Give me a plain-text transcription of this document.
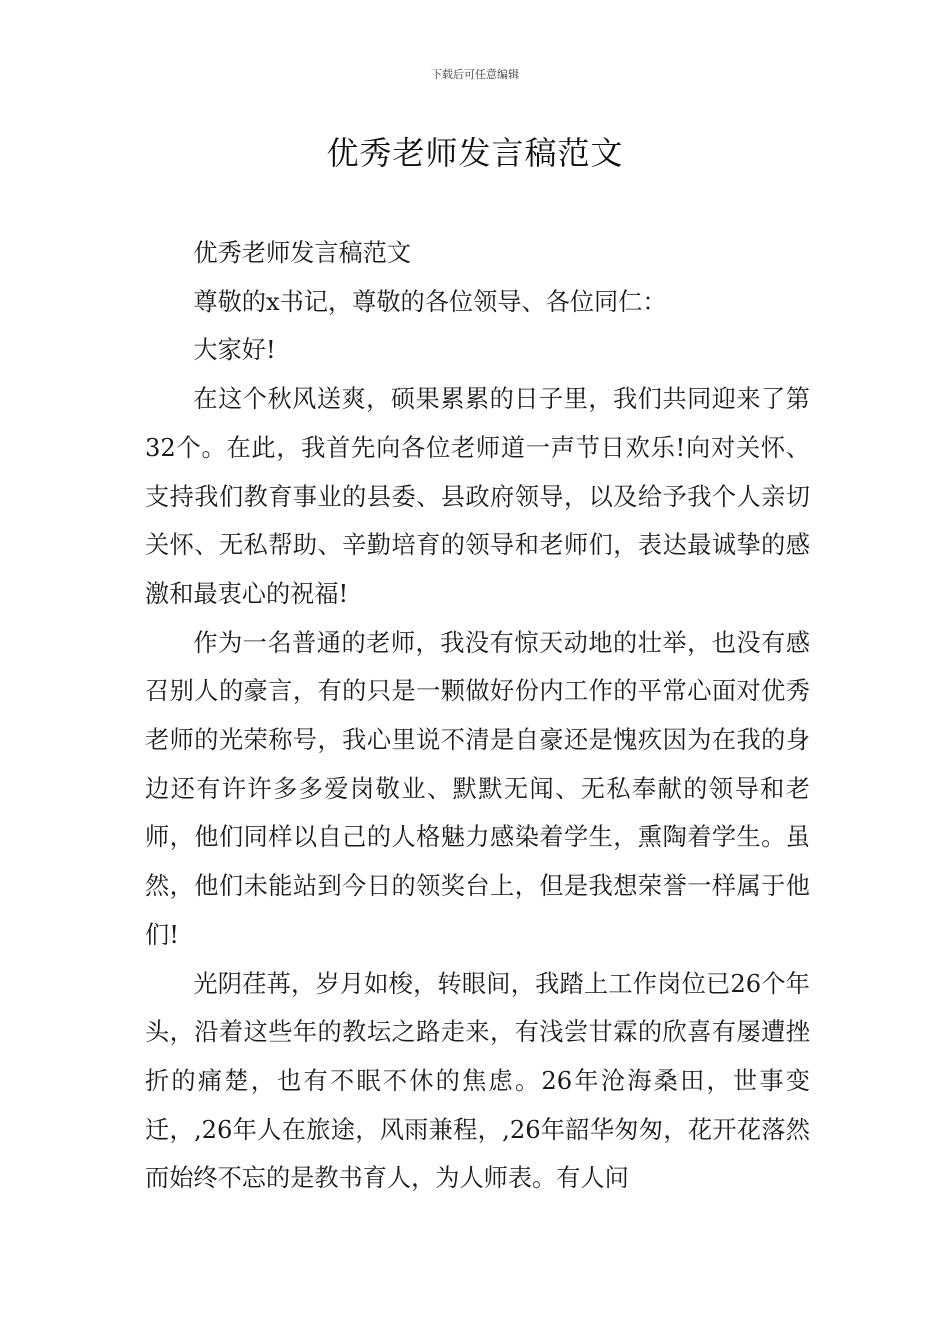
下载后可任意编辑
优秀老师发言稿范文

优秀老师发言稿范文

尊敬的x书记，尊敬的各位领导、各位同仁：

大家好!

在这个秋风送爽，硕果累累的日子里，我们共同迎来了第32个。在此，我首先向各位老师道一声节日欢乐!向对关怀、支持我们教育事业的县委、县政府领导，以及给予我个人亲切关怀、无私帮助、辛勤培育的领导和老师们，表达最诚挚的感激和最衷心的祝福!

作为一名普通的老师，我没有惊天动地的壮举，也没有感召别人的豪言，有的只是一颗做好份内工作的平常心面对优秀老师的光荣称号，我心里说不清是自豪还是愧疚因为在我的身边还有许许多多爱岗敬业、默默无闻、无私奉献的领导和老师，他们同样以自己的人格魅力感染着学生，熏陶着学生。虽然，他们未能站到今日的领奖台上，但是我想荣誉一样属于他们!

光阴荏苒，岁月如梭，转眼间，我踏上工作岗位已26个年头，沿着这些年的教坛之路走来，有浅尝甘霖的欣喜有屡遭挫折的痛楚，也有不眠不休的焦虑。26年沧海桑田，世事变迁，,26年人在旅途，风雨兼程，,26年韶华匆匆，花开花落然而始终不忘的是教书育人，为人师表。有人问
